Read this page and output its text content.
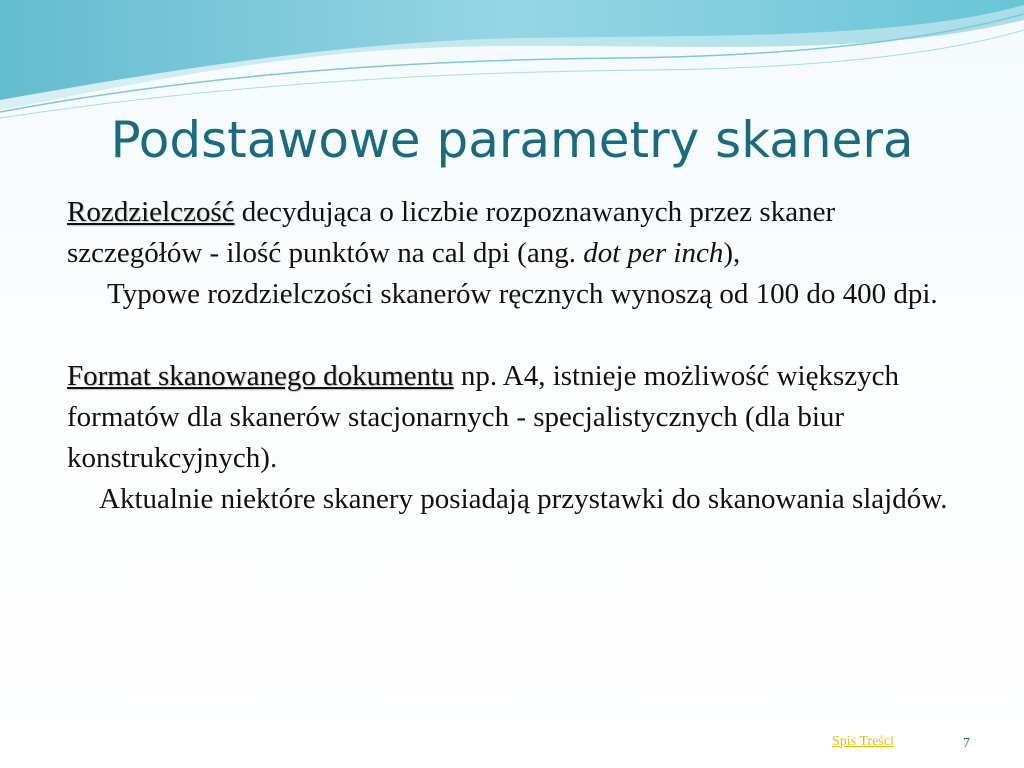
Podstawowe parametry skanera

Rozdzielczość decydująca o liczbie rozpoznawanych przez skaner szczegółów - ilość punktów na cal dpi (ang. dot per inch),

Typowe rozdzielczości skanerów ręcznych wynoszą od 100 do 400 dpi.

Format skanowanego dokumentu np. A4, istnieje możliwość większych formatów dla skanerów stacjonarnych - specjalistycznych (dla biur konstrukcyjnych).

Aktualnie niektóre skanery posiadają przystawki do skanowania slajdów.

Spis Treści	7
